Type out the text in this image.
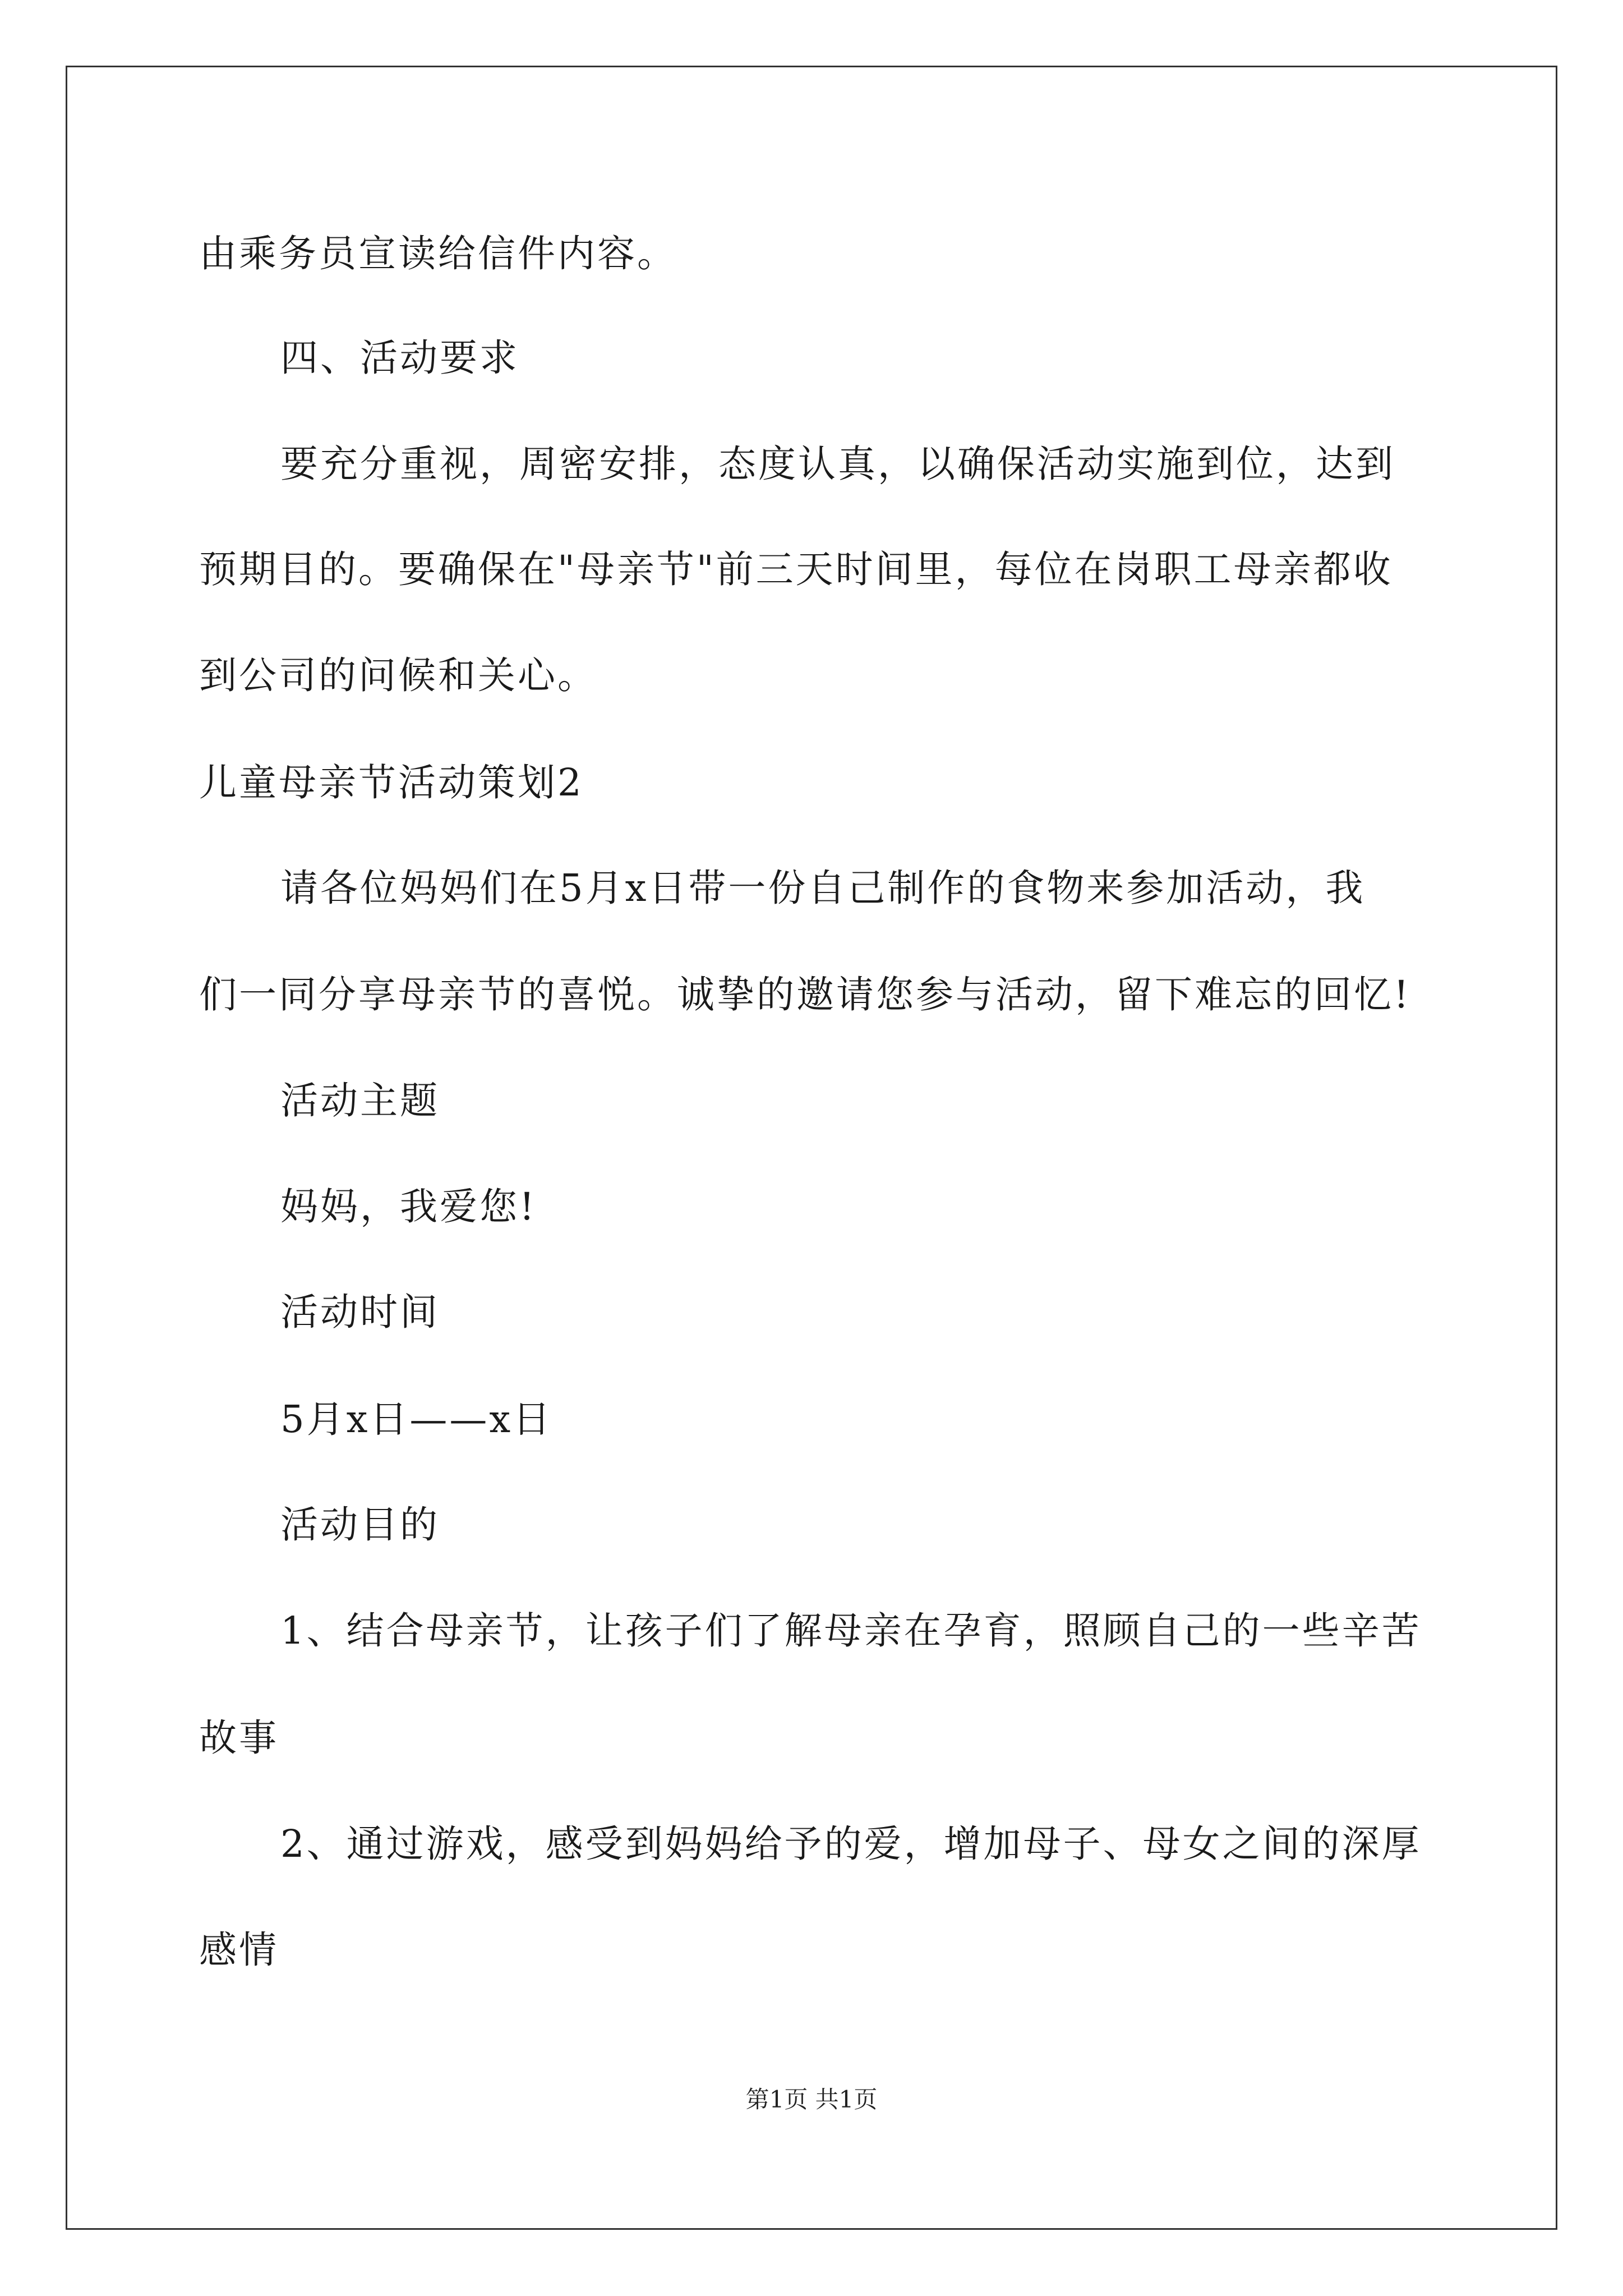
由乘务员宣读给信件内容。
四、活动要求
要充分重视，周密安排，态度认真，以确保活动实施到位，达到
预期目的。要确保在"母亲节"前三天时间里，每位在岗职工母亲都收
到公司的问候和关心。
儿童母亲节活动策划2
请各位妈妈们在5月x日带一份自己制作的食物来参加活动，我
们一同分享母亲节的喜悦。诚挚的邀请您参与活动，留下难忘的回忆!
活动主题
妈妈，我爱您!
活动时间
5月x日——x日
活动目的
1、结合母亲节，让孩子们了解母亲在孕育，照顾自己的一些辛苦
故事
2、通过游戏，感受到妈妈给予的爱，增加母子、母女之间的深厚
感情
第1页 共1页
